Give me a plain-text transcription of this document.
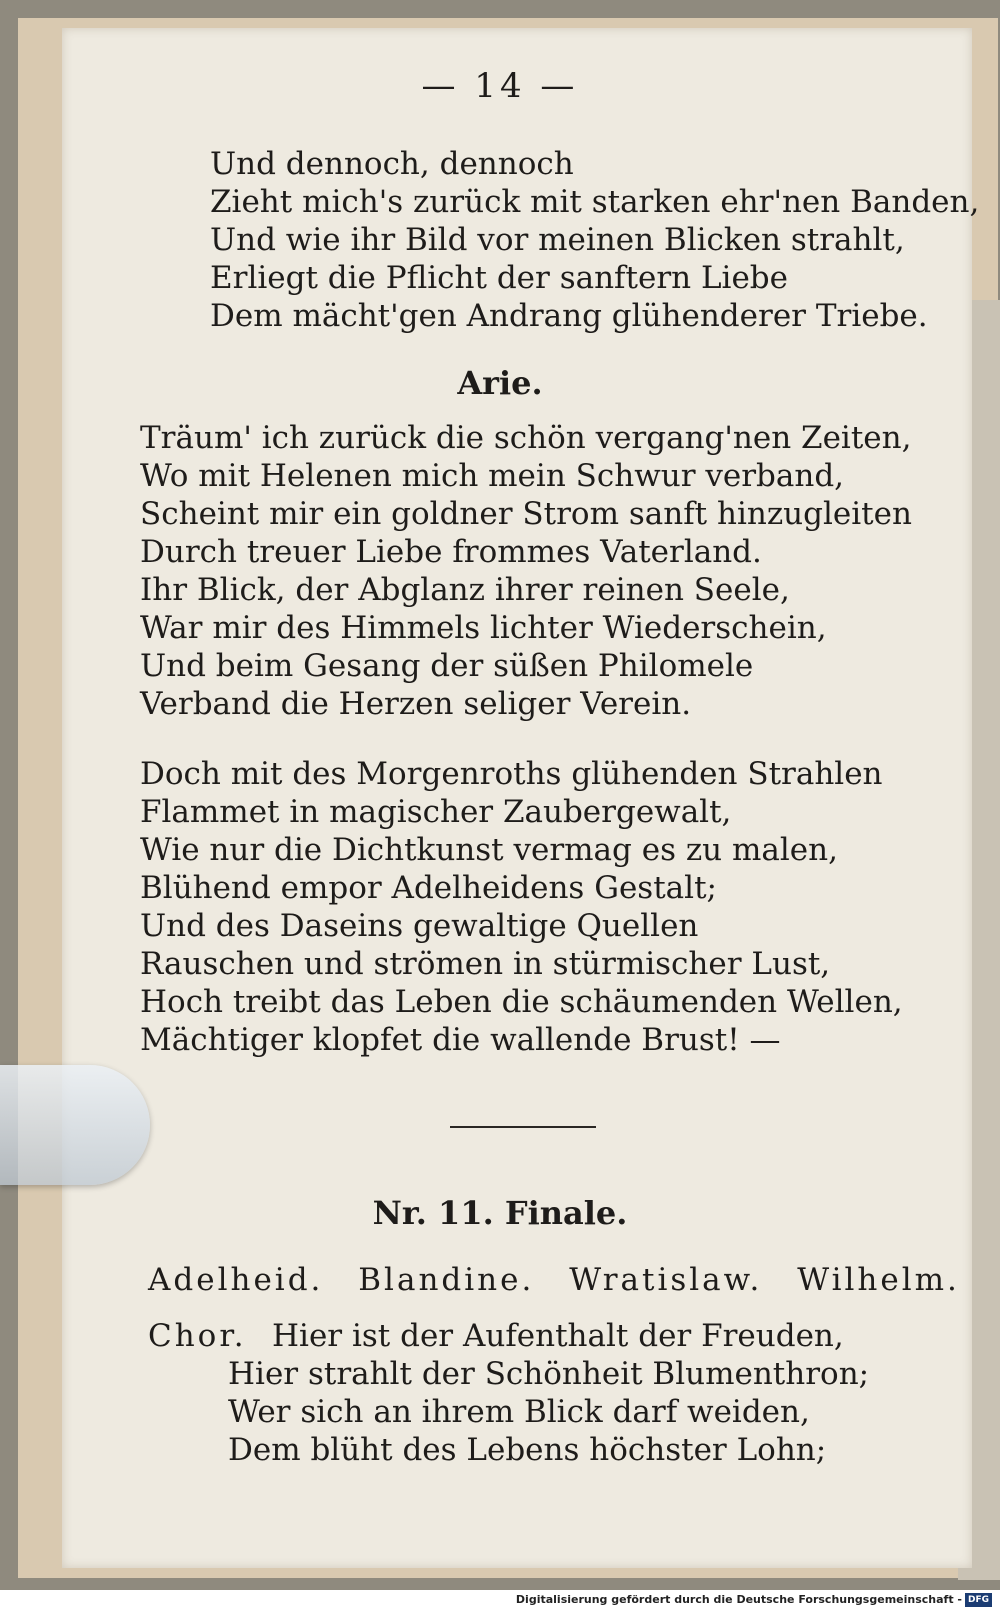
— 14 —
Und dennoch, dennoch
Zieht mich's zurück mit starken ehr'nen Banden,
Und wie ihr Bild vor meinen Blicken strahlt,
Erliegt die Pflicht der sanftern Liebe
Dem mächt'gen Andrang glühenderer Triebe.
Arie.
Träum' ich zurück die schön vergang'nen Zeiten,
Wo mit Helenen mich mein Schwur verband,
Scheint mir ein goldner Strom sanft hinzugleiten
Durch treuer Liebe frommes Vaterland.
Ihr Blick, der Abglanz ihrer reinen Seele,
War mir des Himmels lichter Wiederschein,
Und beim Gesang der süßen Philomele
Verband die Herzen seliger Verein.
Doch mit des Morgenroths glühenden Strahlen
Flammet in magischer Zaubergewalt,
Wie nur die Dichtkunst vermag es zu malen,
Blühend empor Adelheidens Gestalt;
Und des Daseins gewaltige Quellen
Rauschen und strömen in stürmischer Lust,
Hoch treibt das Leben die schäumenden Wellen,
Mächtiger klopfet die wallende Brust! —
Nr. 11. Finale.
Adelheid. Blandine. Wratislaw. Wilhelm.
Chor. Hier ist der Aufenthalt der Freuden,
Hier strahlt der Schönheit Blumenthron;
Wer sich an ihrem Blick darf weiden,
Dem blüht des Lebens höchster Lohn;
Digitalisierung gefördert durch die Deutsche Forschungsgemeinschaft - DFG
